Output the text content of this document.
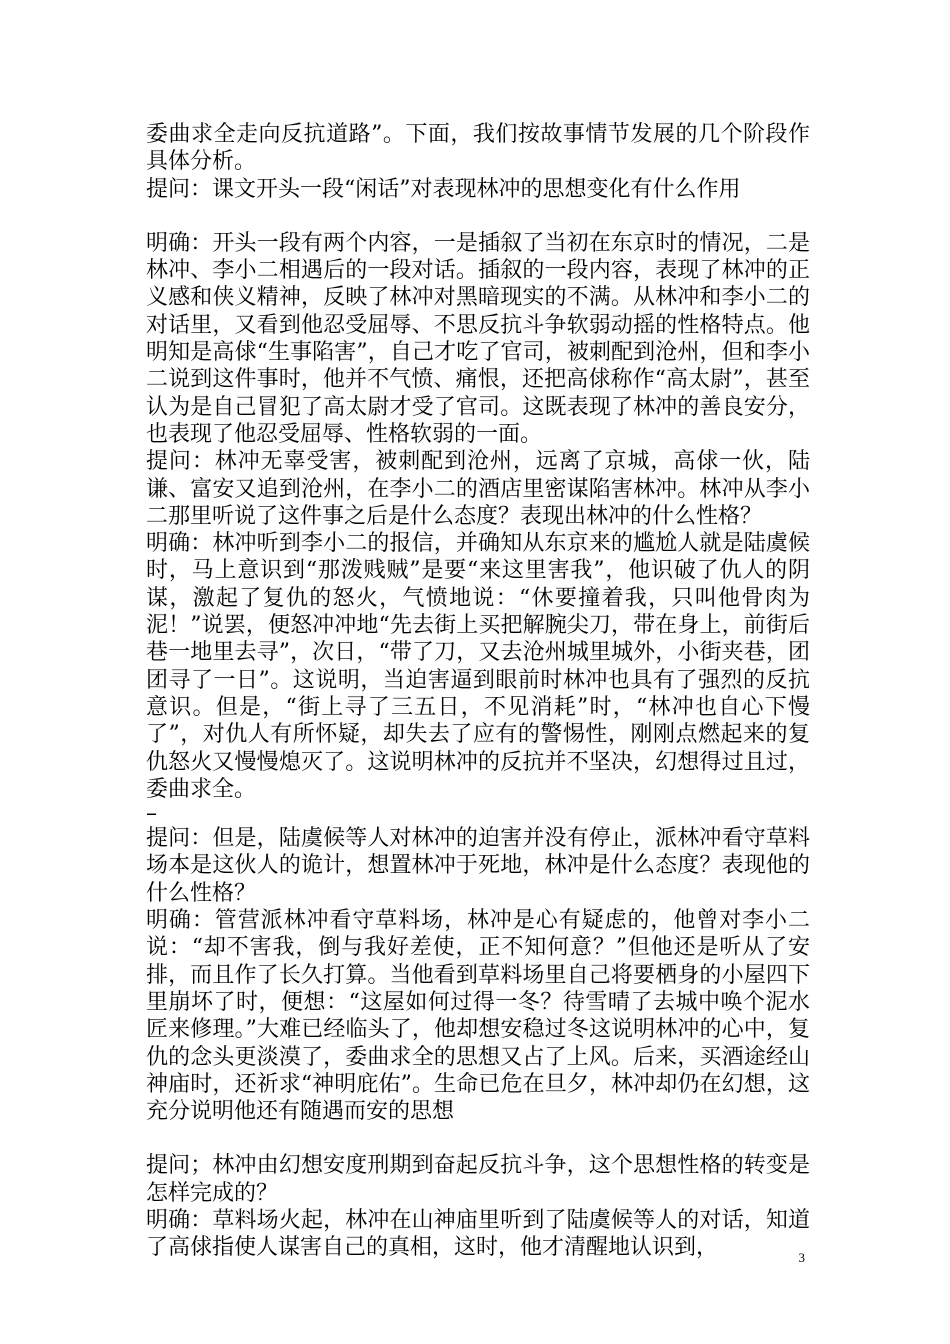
委曲求全走向反抗道路”。下面，我们按故事情节发展的几个阶段作具体分析。

提问：课文开头一段“闲话”对表现林冲的思想变化有什么作用

明确：开头一段有两个内容，一是插叙了当初在东京时的情况，二是林冲、李小二相遇后的一段对话。插叙的一段内容，表现了林冲的正义感和侠义精神，反映了林冲对黑暗现实的不满。从林冲和李小二的对话里，又看到他忍受屈辱、不思反抗斗争软弱动摇的性格特点。他明知是高俅“生事陷害”，自己才吃了官司，被刺配到沧州，但和李小二说到这件事时，他并不气愤、痛恨，还把高俅称作“高太尉”，甚至认为是自己冒犯了高太尉才受了官司。这既表现了林冲的善良安分，也表现了他忍受屈辱、性格软弱的一面。

提问：林冲无辜受害，被刺配到沧州，远离了京城，高俅一伙，陆谦、富安又追到沧州，在李小二的酒店里密谋陷害林冲。林冲从李小二那里听说了这件事之后是什么态度？表现出林冲的什么性格？

明确：林冲听到李小二的报信，并确知从东京来的尴尬人就是陆虞候时，马上意识到“那泼贱贼”是要“来这里害我”，他识破了仇人的阴谋，激起了复仇的怒火，气愤地说：“休要撞着我，只叫他骨肉为泥！”说罢，便怒冲冲地“先去街上买把解腕尖刀，带在身上，前街后巷一地里去寻”，次日，“带了刀，又去沧州城里城外，小街夹巷，团团寻了一日”。这说明，当迫害逼到眼前时林冲也具有了强烈的反抗意识。但是，“街上寻了三五日，不见消耗”时，“林冲也自心下慢了”，对仇人有所怀疑，却失去了应有的警惕性，刚刚点燃起来的复仇怒火又慢慢熄灭了。这说明林冲的反抗并不坚决，幻想得过且过，委曲求全。

–

提问：但是，陆虞候等人对林冲的迫害并没有停止，派林冲看守草料场本是这伙人的诡计，想置林冲于死地，林冲是什么态度？表现他的什么性格？

明确：管营派林冲看守草料场，林冲是心有疑虑的，他曾对李小二说：“却不害我，倒与我好差使，正不知何意？”但他还是听从了安排，而且作了长久打算。当他看到草料场里自己将要栖身的小屋四下里崩坏了时，便想：“这屋如何过得一冬？待雪晴了去城中唤个泥水匠来修理。”大难已经临头了，他却想安稳过冬这说明林冲的心中，复仇的念头更淡漠了，委曲求全的思想又占了上风。后来，买酒途经山神庙时，还祈求“神明庇佑”。生命已危在旦夕，林冲却仍在幻想，这充分说明他还有随遇而安的思想

提问；林冲由幻想安度刑期到奋起反抗斗争，这个思想性格的转变是怎样完成的？

明确：草料场火起，林冲在山神庙里听到了陆虞候等人的对话，知道了高俅指使人谋害自己的真相，这时，他才清醒地认识到，	3
